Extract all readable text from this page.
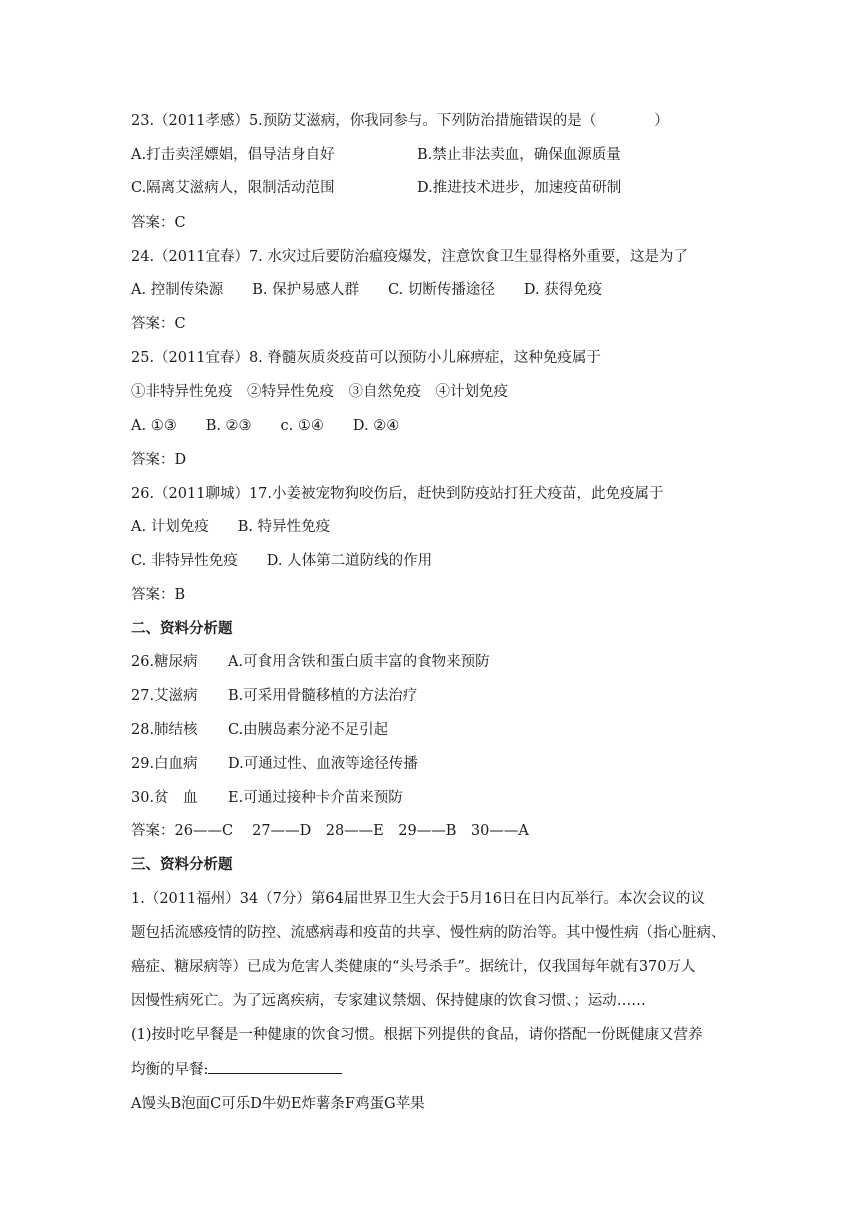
23.（2011孝感）5.预防艾滋病，你我同参与。下列防治措施错误的是（　　　　）
A.打击卖淫嫖娼，倡导洁身自好	B.禁止非法卖血，确保血源质量
C.隔离艾滋病人，限制活动范围	D.推进技术进步，加速疫苗研制
答案：C
24.（2011宜春）7. 水灾过后要防治瘟疫爆发，注意饮食卫生显得格外重要，这是为了
A. 控制传染源　　B. 保护易感人群　　C. 切断传播途径　　D. 获得免疫
答案：C
25.（2011宜春）8. 脊髓灰质炎疫苗可以预防小儿麻痹症，这种免疫属于
①非特异性免疫　②特异性免疫　③自然免疫　④计划免疫
A. ①③　　B. ②③　　c. ①④　　D. ②④
答案：D
26.（2011聊城）17.小姜被宠物狗咬伤后，赶快到防疫站打狂犬疫苗，此免疫属于
A. 计划免疫　　B. 特异性免疫
C. 非特异性免疫　　D. 人体第二道防线的作用
答案：B
二、资料分析题
26.糖尿病 A.可食用含铁和蛋白质丰富的食物来预防
27.艾滋病 B.可采用骨髓移植的方法治疗
28.肺结核 C.由胰岛素分泌不足引起
29.白血病 D.可通过性、血液等途径传播
30.贫　血 E.可通过接种卡介苗来预防
答案：26——C　 27——D　28——E　29——B　30——A
三、资料分析题
1.（2011福州）34（7分）第64届世界卫生大会于5月16日在日内瓦举行。本次会议的议
题包括流感疫情的防控、流感病毒和疫苗的共享、慢性病的防治等。其中慢性病（指心脏病、
癌症、糖尿病等）已成为危害人类健康的“头号杀手”。据统计，仅我国每年就有370万人
因慢性病死亡。为了远离疾病，专家建议禁烟、保持健康的饮食习惯、；运动……
(1)按时吃早餐是一种健康的饮食习惯。根据下列提供的食品，请你搭配一份既健康又营养
均衡的早餐:
A馒头B泡面C可乐D牛奶E炸薯条F鸡蛋G苹果
